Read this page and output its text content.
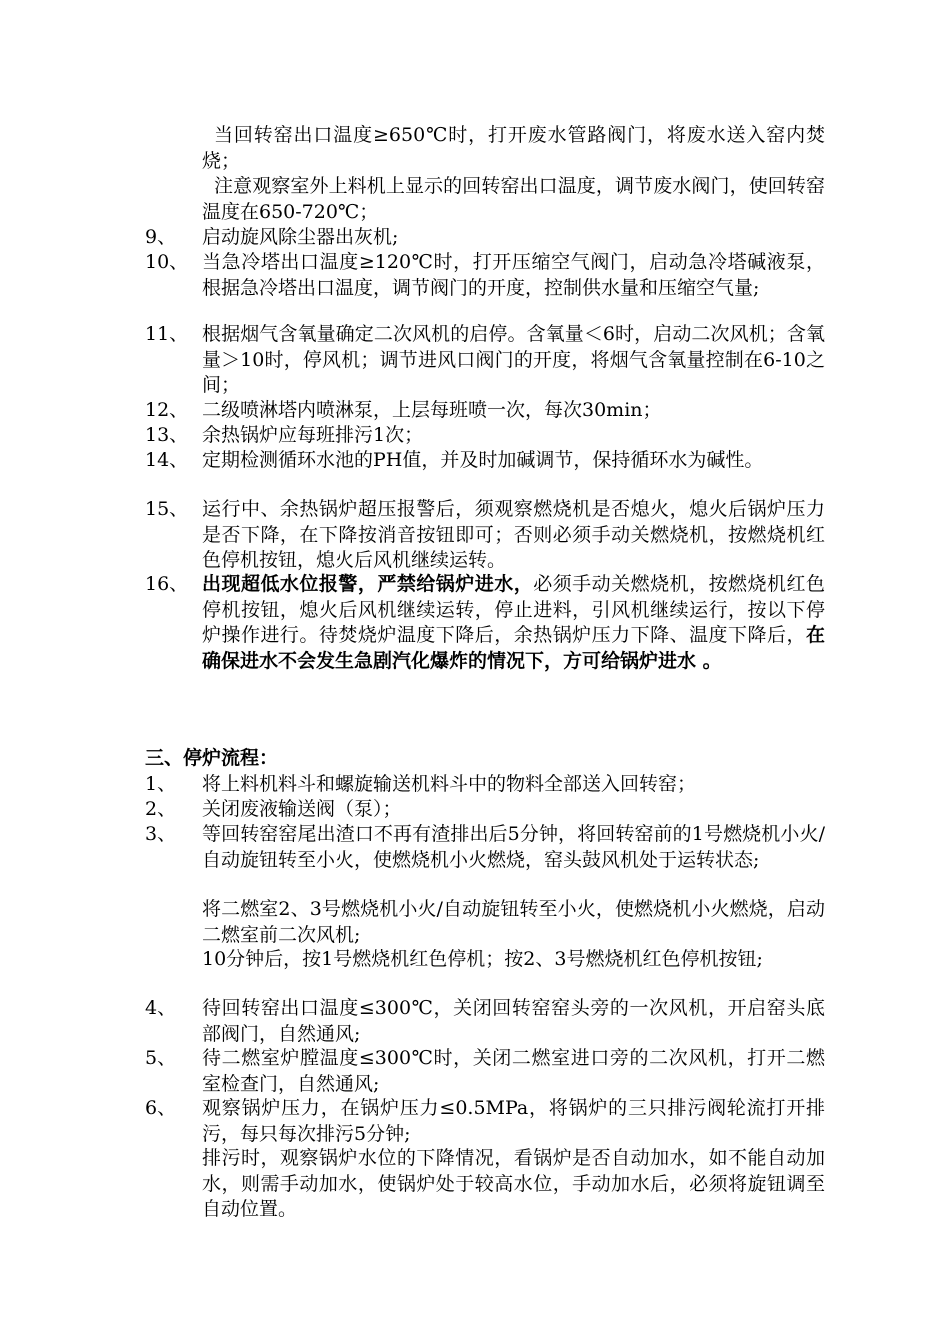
当回转窑出口温度≥650℃时，打开废水管路阀门，将废水送入窑内焚烧；
注意观察室外上料机上显示的回转窑出口温度，调节废水阀门，使回转窑温度在650-720℃；
9、 启动旋风除尘器出灰机;
10、 当急冷塔出口温度≥120℃时，打开压缩空气阀门，启动急冷塔碱液泵，根据急冷塔出口温度，调节阀门的开度，控制供水量和压缩空气量;
11、 根据烟气含氧量确定二次风机的启停。含氧量＜6时，启动二次风机；含氧量＞10时，停风机；调节进风口阀门的开度，将烟气含氧量控制在6-10之间；
12、 二级喷淋塔内喷淋泵，上层每班喷一次，每次30min；
13、 余热锅炉应每班排污1次；
14、 定期检测循环水池的PH值，并及时加碱调节，保持循环水为碱性。
15、 运行中、余热锅炉超压报警后，须观察燃烧机是否熄火，熄火后锅炉压力是否下降，在下降按消音按钮即可；否则必须手动关燃烧机，按燃烧机红色停机按钮，熄火后风机继续运转。
16、 出现超低水位报警，严禁给锅炉进水，必须手动关燃烧机，按燃烧机红色停机按钮，熄火后风机继续运转，停止进料，引风机继续运行，按以下停炉操作进行。待焚烧炉温度下降后，余热锅炉压力下降、温度下降后，在确保进水不会发生急剧汽化爆炸的情况下，方可给锅炉进水 。
三、停炉流程：
1、 将上料机料斗和螺旋输送机料斗中的物料全部送入回转窑；
2、 关闭废液输送阀（泵）；
3、 等回转窑窑尾出渣口不再有渣排出后5分钟，将回转窑前的1号燃烧机小火/自动旋钮转至小火，使燃烧机小火燃烧，窑头鼓风机处于运转状态;
将二燃室2、3号燃烧机小火/自动旋钮转至小火，使燃烧机小火燃烧，启动二燃室前二次风机;
10分钟后，按1号燃烧机红色停机；按2、3号燃烧机红色停机按钮;
4、 待回转窑出口温度≤300℃，关闭回转窑窑头旁的一次风机，开启窑头底部阀门，自然通风;
5、 待二燃室炉膛温度≤300℃时，关闭二燃室进口旁的二次风机，打开二燃室检查门，自然通风;
6、 观察锅炉压力，在锅炉压力≤0.5MPa，将锅炉的三只排污阀轮流打开排污，每只每次排污5分钟;
排污时，观察锅炉水位的下降情况，看锅炉是否自动加水，如不能自动加水，则需手动加水，使锅炉处于较高水位，手动加水后，必须将旋钮调至自动位置。
